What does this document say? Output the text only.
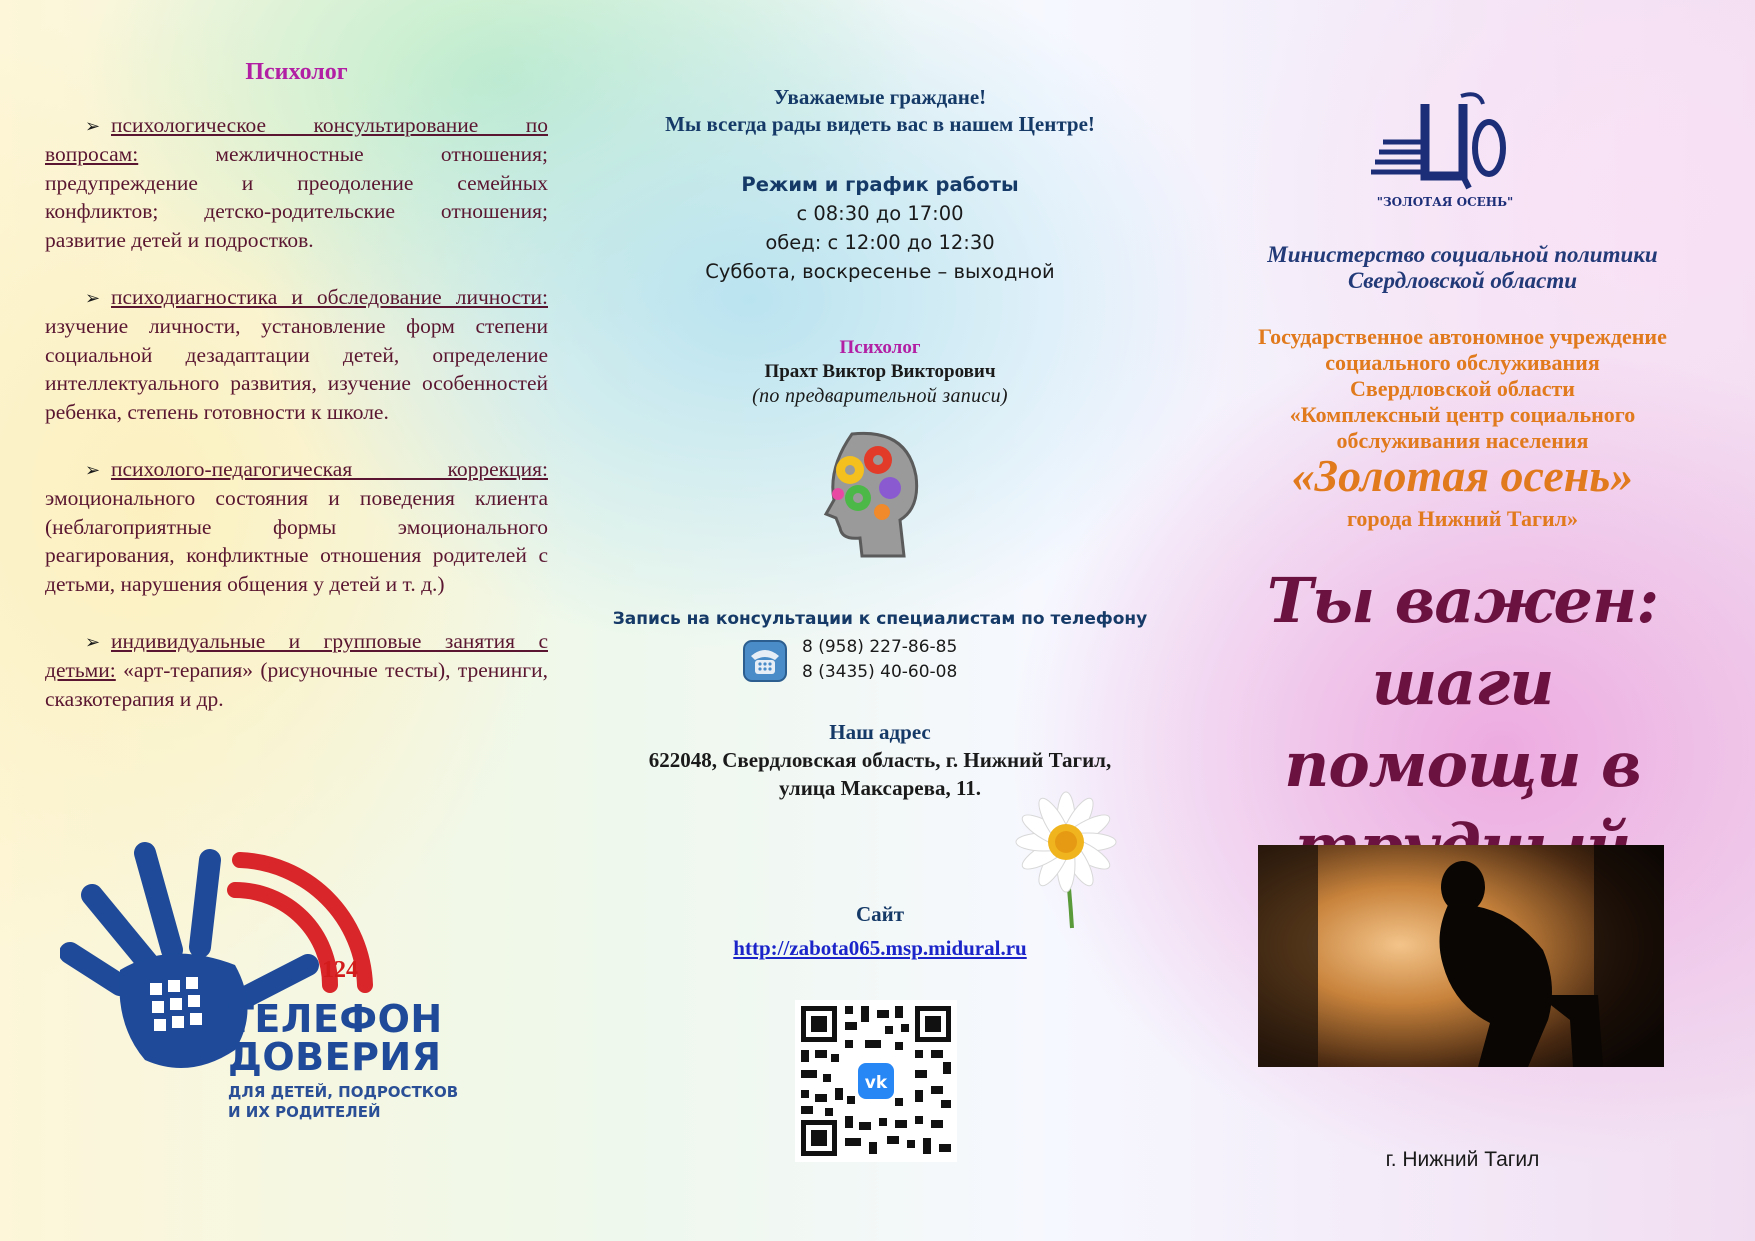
Психолог

➢ психологическое консультирование по вопросам: межличностные отношения; предупреждение и преодоление семейных конфликтов; детско-родительские отношения; развитие детей и подростков.

➢ психодиагностика и обследование личности: изучение личности, установление форм степени социальной дезадаптации детей, определение интеллектуального развития, изучение особенностей ребенка, степень готовности к школе.

➢ психолого-педагогическая коррекция: эмоционального состояния и поведения клиента (неблагоприятные формы эмоционального реагирования, конфликтные отношения родителей с детьми, нарушения общения у детей и т. д.)

➢ индивидуальные и групповые занятия с детьми: «арт-терапия» (рисуночные тесты), тренинги, сказкотерапия и др.

124
ТЕЛЕФОН
ДОВЕРИЯ
ДЛЯ ДЕТЕЙ, ПОДРОСТКОВ
И ИХ РОДИТЕЛЕЙ
Уважаемые граждане!
Мы всегда рады видеть вас в нашем Центре!
Режим и график работы
с 08:30 до 17:00
обед: с 12:00 до 12:30
Суббота, воскресенье – выходной
Психолог
Прахт Виктор Викторович
(по предварительной записи)
Запись на консультации к специалистам по телефону
8 (958) 227-86-85
8 (3435) 40-60-08
Наш адрес
622048, Свердловская область, г. Нижний Тагил,
улица Максарева, 11.
Сайт
http://zabota065.msp.midural.ru
vk
"ЗОЛОТАЯ ОСЕНЬ"
Министерство социальной политики
Свердловской области
Государственное автономное учреждение
социального обслуживания
Свердловской области
«Комплексный центр социального
обслуживания населения
«Золотая осень»
города Нижний Тагил»
Ты важен: шаги
помощи в
г. Нижний Тагил
